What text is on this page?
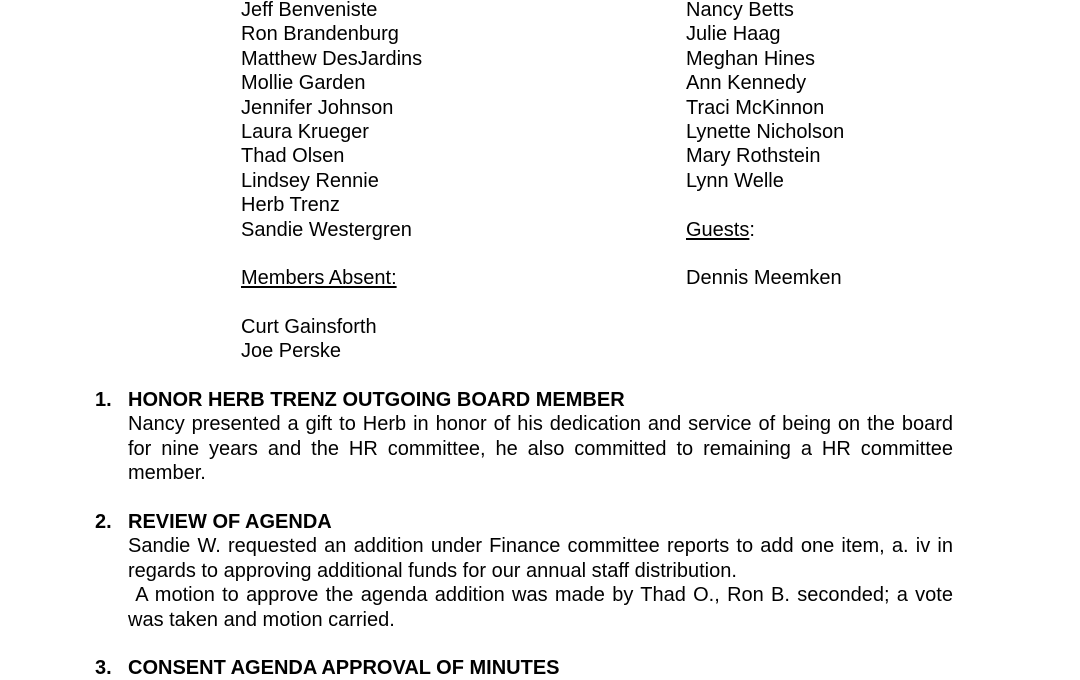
Jeff Benveniste
Ron Brandenburg
Matthew DesJardins
Mollie Garden
Jennifer Johnson
Laura Krueger
Thad Olsen
Lindsey Rennie
Herb Trenz
Sandie Westergren
Members Absent:
Curt Gainsforth
Joe Perske
Nancy Betts
Julie Haag
Meghan Hines
Ann Kennedy
Traci McKinnon
Lynette Nicholson
Mary Rothstein
Lynn Welle
Guests:
Dennis Meemken
1. HONOR HERB TRENZ OUTGOING BOARD MEMBER
Nancy presented a gift to Herb in honor of his dedication and service of being on the board for nine years and the HR committee, he also committed to remaining a HR committee member.
2. REVIEW OF AGENDA
Sandie W. requested an addition under Finance committee reports to add one item, a. iv in regards to approving additional funds for our annual staff distribution.
A motion to approve the agenda addition was made by Thad O., Ron B. seconded; a vote was taken and motion carried.
3. CONSENT AGENDA APPROVAL OF MINUTES
